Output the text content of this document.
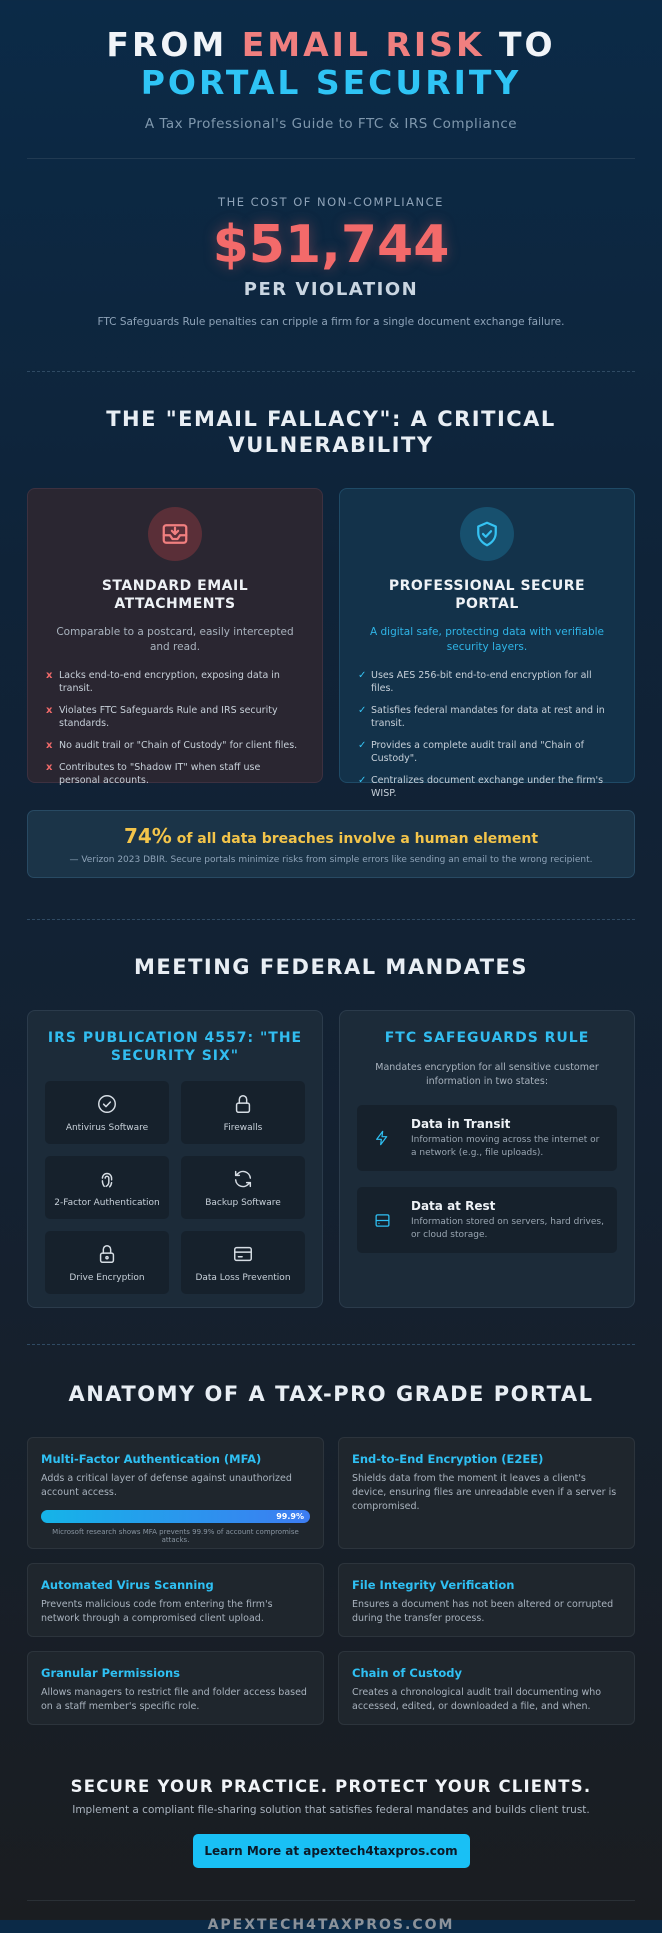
FROM EMAIL RISK TO
PORTAL SECURITY
A Tax Professional's Guide to FTC & IRS Compliance
THE COST OF NON-COMPLIANCE
$51,744
PER VIOLATION
FTC Safeguards Rule penalties can cripple a firm for a single document exchange failure.
THE "EMAIL FALLACY": A CRITICAL VULNERABILITY
STANDARD EMAIL ATTACHMENTS
Comparable to a postcard, easily intercepted and read.
x Lacks end-to-end encryption, exposing data in transit.
x Violates FTC Safeguards Rule and IRS security standards.
x No audit trail or "Chain of Custody" for client files.
x Contributes to "Shadow IT" when staff use personal accounts.
PROFESSIONAL SECURE PORTAL
A digital safe, protecting data with verifiable security layers.
✓ Uses AES 256-bit end-to-end encryption for all files.
✓ Satisfies federal mandates for data at rest and in transit.
✓ Provides a complete audit trail and "Chain of Custody".
✓ Centralizes document exchange under the firm's WISP.
74% of all data breaches involve a human element
— Verizon 2023 DBIR. Secure portals minimize risks from simple errors like sending an email to the wrong recipient.
MEETING FEDERAL MANDATES
IRS PUBLICATION 4557: "THE SECURITY SIX"
Antivirus Software	Firewalls
2-Factor Authentication	Backup Software
Drive Encryption	Data Loss Prevention
FTC SAFEGUARDS RULE
Mandates encryption for all sensitive customer information in two states:
Data in Transit
Information moving across the internet or a network (e.g., file uploads).
Data at Rest
Information stored on servers, hard drives, or cloud storage.
ANATOMY OF A TAX-PRO GRADE PORTAL
Multi-Factor Authentication (MFA)

Adds a critical layer of defense against unauthorized account access.

99.9%
Microsoft research shows MFA prevents 99.9% of account compromise attacks.
End-to-End Encryption (E2EE)

Shields data from the moment it leaves a client's device, ensuring files are unreadable even if a server is compromised.

Automated Virus Scanning

Prevents malicious code from entering the firm's network through a compromised client upload.

File Integrity Verification

Ensures a document has not been altered or corrupted during the transfer process.

Granular Permissions

Allows managers to restrict file and folder access based on a staff member's specific role.

Chain of Custody

Creates a chronological audit trail documenting who accessed, edited, or downloaded a file, and when.

SECURE YOUR PRACTICE. PROTECT YOUR CLIENTS.
Implement a compliant file-sharing solution that satisfies federal mandates and builds client trust.
Learn More at apextech4taxpros.com
APEXTECH4TAXPROS.COM
